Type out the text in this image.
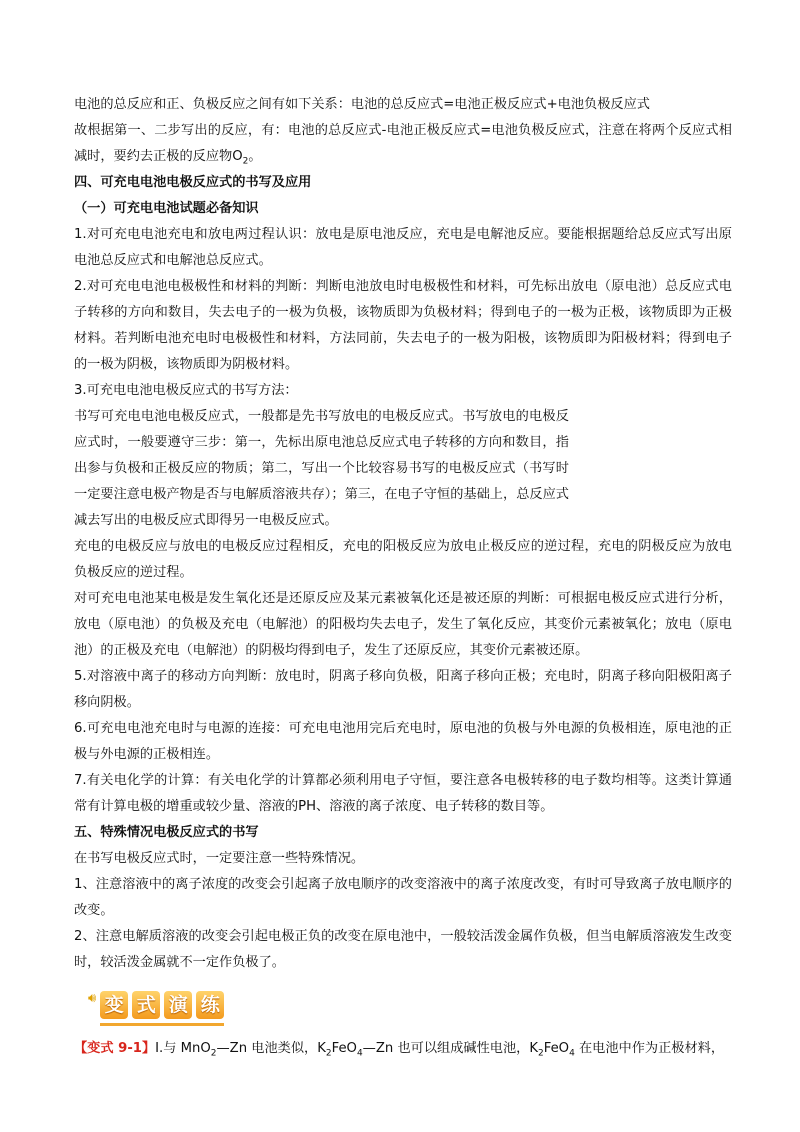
电池的总反应和正、负极反应之间有如下关系：电池的总反应式=电池正极反应式+电池负极反应式

故根据第一、二步写出的反应，有：电池的总反应式-电池正极反应式=电池负极反应式，注意在将两个反应式相减时，要约去正极的反应物$O_2$。

四、可充电电池电极反应式的书写及应用

（一）可充电电池试题必备知识

1.对可充电电池充电和放电两过程认识：放电是原电池反应，充电是电解池反应。要能根据题给总反应式写出原电池总反应式和电解池总反应式。

2.对可充电电池电极极性和材料的判断：判断电池放电时电极极性和材料，可先标出放电（原电池）总反应式电子转移的方向和数目，失去电子的一极为负极，该物质即为负极材料；得到电子的一极为正极，该物质即为正极材料。若判断电池充电时电极极性和材料，方法同前，失去电子的一极为阳极，该物质即为阳极材料；得到电子的一极为阴极，该物质即为阴极材料。

3.可充电电池电极反应式的书写方法：

书写可充电电池电极反应式，一般都是先书写放电的电极反应式。书写放电的电极反应式时，一般要遵守三步：第一，先标出原电池总反应式电子转移的方向和数目，指出参与负极和正极反应的物质；第二，写出一个比较容易书写的电极反应式（书写时一定要注意电极产物是否与电解质溶液共存）；第三，在电子守恒的基础上，总反应式减去写出的电极反应式即得另一电极反应式。

充电的电极反应与放电的电极反应过程相反，充电的阳极反应为放电止极反应的逆过程，充电的阴极反应为放电负极反应的逆过程。

对可充电电池某电极是发生氧化还是还原反应及某元素被氧化还是被还原的判断：可根据电极反应式进行分析，放电（原电池）的负极及充电（电解池）的阳极均失去电子，发生了氧化反应，其变价元素被氧化；放电（原电池）的正极及充电（电解池）的阴极均得到电子，发生了还原反应，其变价元素被还原。

5.对溶液中离子的移动方向判断：放电时，阴离子移向负极，阳离子移向正极；充电时，阴离子移向阳极阳离子移向阴极。

6.可充电电池充电时与电源的连接：可充电电池用完后充电时，原电池的负极与外电源的负极相连，原电池的正极与外电源的正极相连。

7.有关电化学的计算：有关电化学的计算都必须利用电子守恒，要注意各电极转移的电子数均相等。这类计算通常有计算电极的增重或较少量、溶液的PH、溶液的离子浓度、电子转移的数目等。

五、特殊情况电极反应式的书写

在书写电极反应式时，一定要注意一些特殊情况。

1、注意溶液中的离子浓度的改变会引起离子放电顺序的改变溶液中的离子浓度改变，有时可导致离子放电顺序的改变。

2、注意电解质溶液的改变会引起电极正负的改变在原电池中，一般较活泼金属作负极，但当电解质溶液发生改变时，较活泼金属就不一定作负极了。

🔊︎ 变 式 演 练

【变式 9-1】Ⅰ.与 MnO$_2$—Zn 电池类似，$K_2FeO_4—Zn$ 也可以组成碱性电池，$K_2FeO_4$ 在电池中作为正极材料，
